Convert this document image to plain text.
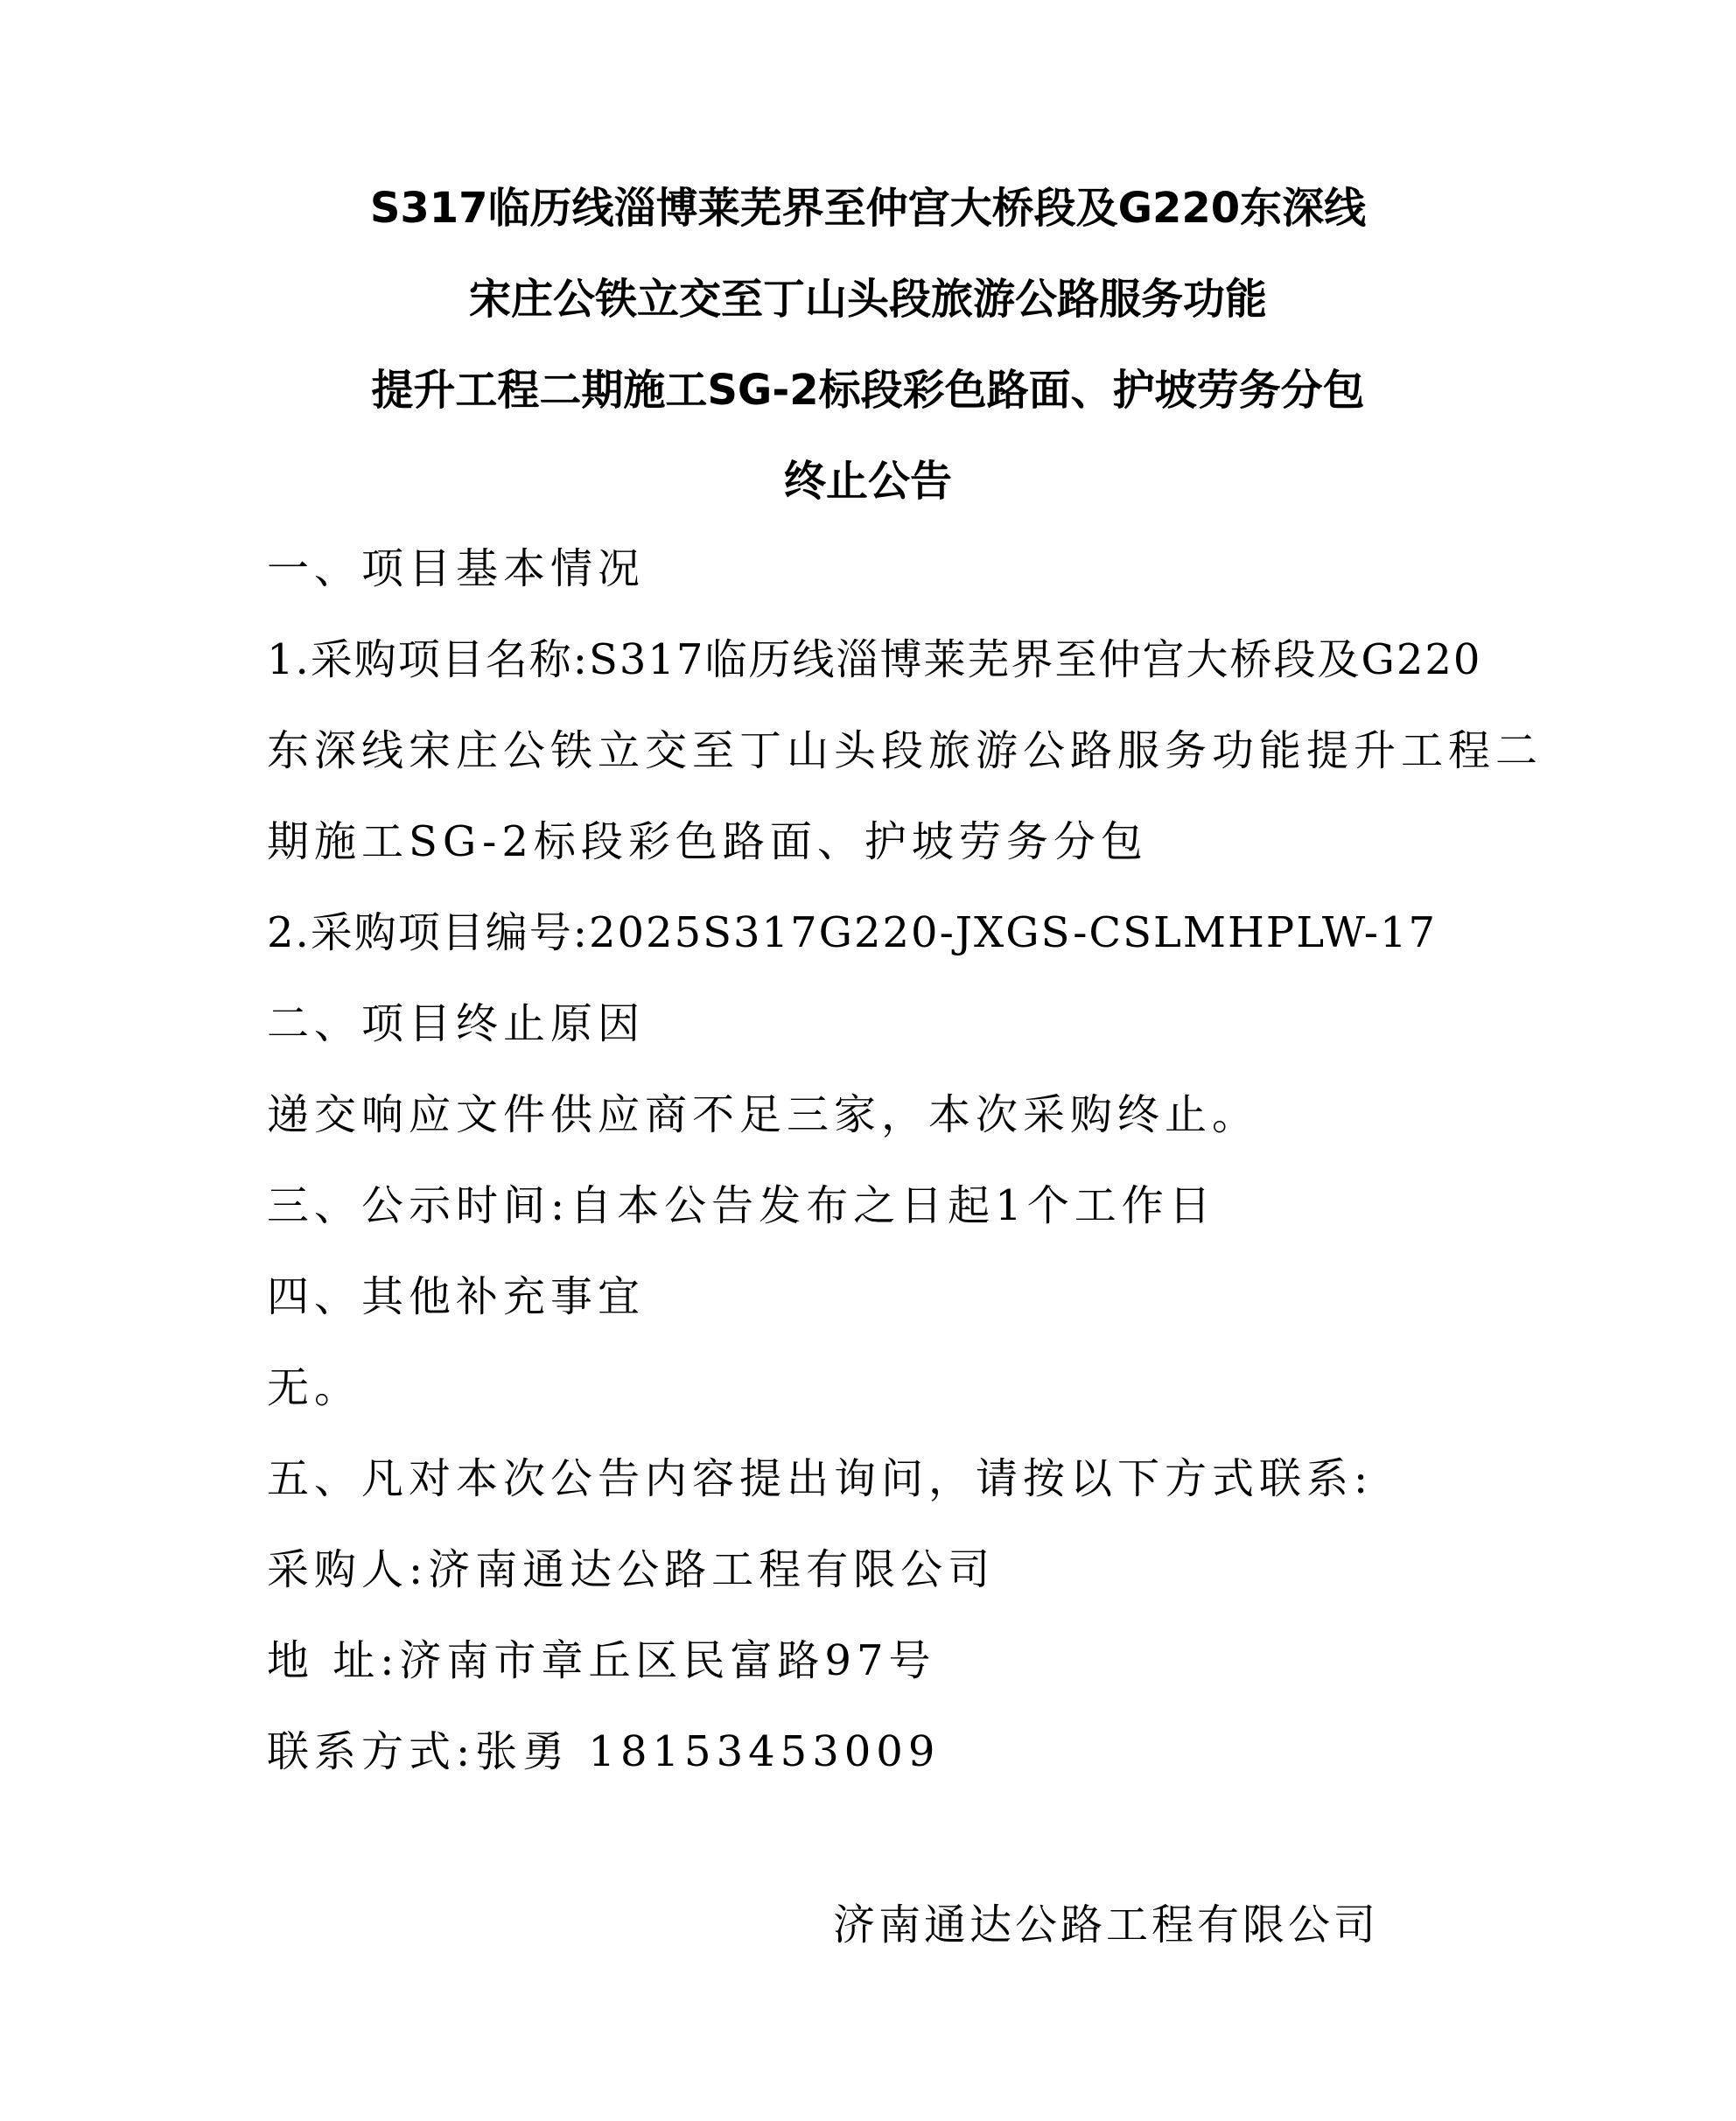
S317临历线淄博莱芜界至仲宫大桥段及G220东深线
宋庄公铁立交至丁山头段旅游公路服务功能
提升工程二期施工SG-2标段彩色路面、护坡劳务分包
终止公告
一、项目基本情况
1.采购项目名称:S317临历线淄博莱芜界至仲宫大桥段及G220
东深线宋庄公铁立交至丁山头段旅游公路服务功能提升工程二
期施工SG-2标段彩色路面、护坡劳务分包
2.采购项目编号:2025S317G220-JXGS-CSLMHPLW-17
二、项目终止原因
递交响应文件供应商不足三家，本次采购终止。
三、公示时间:自本公告发布之日起1个工作日
四、其他补充事宜
无。
五、凡对本次公告内容提出询问，请按以下方式联系:
采购人:济南通达公路工程有限公司
地 址:济南市章丘区民富路97号
联系方式:张勇 18153453009
济南通达公路工程有限公司
